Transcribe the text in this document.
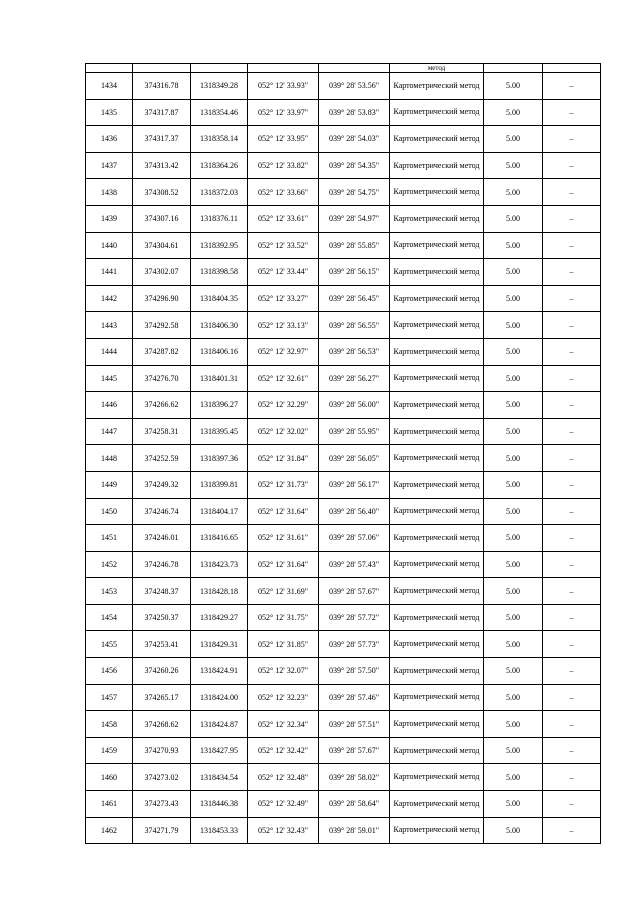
					метод		
1434	374316.78	1318349.28	052° 12' 33.93"	039° 28' 53.56"	Картометрический метод	5.00	–
1435	374317.87	1318354.46	052° 12' 33.97"	039° 28' 53.83"	Картометрический метод	5.00	–
1436	374317.37	1318358.14	052° 12' 33.95"	039° 28' 54.03"	Картометрический метод	5.00	–
1437	374313.42	1318364.26	052° 12' 33.82"	039° 28' 54.35"	Картометрический метод	5.00	–
1438	374308.52	1318372.03	052° 12' 33.66"	039° 28' 54.75"	Картометрический метод	5.00	–
1439	374307.16	1318376.11	052° 12' 33.61"	039° 28' 54.97"	Картометрический метод	5.00	–
1440	374304.61	1318392.95	052° 12' 33.52"	039° 28' 55.85"	Картометрический метод	5.00	–
1441	374302.07	1318398.58	052° 12' 33.44"	039° 28' 56.15"	Картометрический метод	5.00	–
1442	374296.90	1318404.35	052° 12' 33.27"	039° 28' 56.45"	Картометрический метод	5.00	–
1443	374292.58	1318406.30	052° 12' 33.13"	039° 28' 56.55"	Картометрический метод	5.00	–
1444	374287.82	1318406.16	052° 12' 32.97"	039° 28' 56.53"	Картометрический метод	5.00	–
1445	374276.70	1318401.31	052° 12' 32.61"	039° 28' 56.27"	Картометрический метод	5.00	–
1446	374266.62	1318396.27	052° 12' 32.29"	039° 28' 56.00"	Картометрический метод	5.00	–
1447	374258.31	1318395.45	052° 12' 32.02"	039° 28' 55.95"	Картометрический метод	5.00	–
1448	374252.59	1318397.36	052° 12' 31.84"	039° 28' 56.05"	Картометрический метод	5.00	–
1449	374249.32	1318399.81	052° 12' 31.73"	039° 28' 56.17"	Картометрический метод	5.00	–
1450	374246.74	1318404.17	052° 12' 31.64"	039° 28' 56.40"	Картометрический метод	5.00	–
1451	374246.01	1318416.65	052° 12' 31.61"	039° 28' 57.06"	Картометрический метод	5.00	–
1452	374246.78	1318423.73	052° 12' 31.64"	039° 28' 57.43"	Картометрический метод	5.00	–
1453	374248.37	1318428.18	052° 12' 31.69"	039° 28' 57.67"	Картометрический метод	5.00	–
1454	374250.37	1318429.27	052° 12' 31.75"	039° 28' 57.72"	Картометрический метод	5.00	–
1455	374253.41	1318429.31	052° 12' 31.85"	039° 28' 57.73"	Картометрический метод	5.00	–
1456	374260.26	1318424.91	052° 12' 32.07"	039° 28' 57.50"	Картометрический метод	5.00	–
1457	374265.17	1318424.00	052° 12' 32.23"	039° 28' 57.46"	Картометрический метод	5.00	–
1458	374268.62	1318424.87	052° 12' 32.34"	039° 28' 57.51"	Картометрический метод	5.00	–
1459	374270.93	1318427.95	052° 12' 32.42"	039° 28' 57.67"	Картометрический метод	5.00	–
1460	374273.02	1318434.54	052° 12' 32.48"	039° 28' 58.02"	Картометрический метод	5.00	–
1461	374273.43	1318446.38	052° 12' 32.49"	039° 28' 58.64"	Картометрический метод	5.00	–
1462	374271.79	1318453.33	052° 12' 32.43"	039° 28' 59.01"	Картометрический метод	5.00	–
